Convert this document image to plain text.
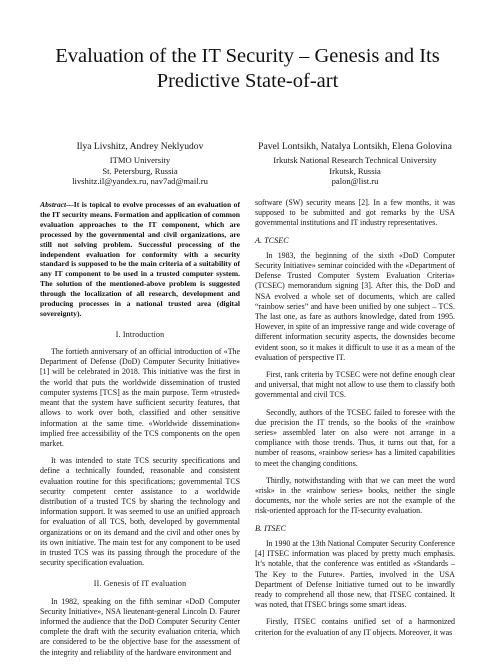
Evaluation of the IT Security – Genesis and Its Predictive State-of-art
Ilya Livshitz, Andrey Neklyudov
ITMO University
St. Petersburg, Russia
livshitz.il@yandex.ru, nav7ad@mail.ru
Pavel Lontsikh, Natalya Lontsikh, Elena Golovina
Irkutsk National Research Technical University
Irkutsk, Russia
palon@list.ru

Abstract—It is topical to evolve processes of an evaluation of the IT security means. Formation and application of common evaluation approaches to the IT component, which are processed by the governmental and civil organizations, are still not solving problem. Successful processing of the independent evaluation for conformity with a security standard is supposed to be the main criteria of a suitability of any IT component to be used in a trusted computer system. The solution of the mentioned-above problem is suggested through the localization of all research, development and producing processes in a national trusted area (digital sovereignty).

I. Introduction

The fortieth anniversary of an official introduction of «The Department of Defense (DoD) Computer Security Initiative» [1] will be celebrated in 2018. This initiative was the first in the world that puts the worldwide dissemination of trusted computer systems [TCS] as the main purpose. Term «trusted» meant that the system have sufficient security features, that allows to work over both, classified and other sensitive information at the same time. «Worldwide dissemination» implied free accessibility of the TCS components on the open market.

It was intended to state TCS security specifications and define a technically founded, reasonable and consistent evaluation routine for this specifications; governmental TCS security competent center assistance to a worldwide distribution of a trusted TCS by sharing the technology and information support. It was seemed to use an unified approach for evaluation of all TCS, both, developed by governmental organizations or on its demand and the civil and other ones by its own initiative. The main test for any component to be used in trusted TCS was its passing through the procedure of the security specification evaluation.

II. Genesis of IT evaluation

In 1982, speaking on the fifth seminar «DoD Computer Security Initiative», NSA lieutenant-general Lincoln D. Faurer informed the audience that the DoD Computer Security Center complete the draft with the security evaluation criteria, which are considered to be the objective base for the assessment of the integrity and reliability of the hardware environment and

software (SW) security means [2]. In a few months, it was supposed to be submitted and got remarks by the USA governmental institutions and IT industry representatives.

A. TCSEC

In 1983, the beginning of the sixth «DoD Computer Security Initiative» seminar coincided with the «Department of Defense Trusted Computer System Evaluation Criteria» (TCSEC) memorandum signing [3]. After this, the DoD and NSA evolved a whole set of documents, which are called “rainbow series” and have been unified by one subject – TCS. The last one, as fare as authors knowledge, dated from 1995. However, in spite of an impressive range and wide coverage of different information security aspects, the downsides become evident soon, so it makes it difficult to use it as a mean of the evaluation of perspective IT.

First, rank criteria by TCSEC were not define enough clear and universal, that might not allow to use them to classify both governmental and civil TCS.

Secondly, authors of the TCSEC failed to foresee with the due precision the IT trends, so the books of the «rainbow series» assembled later on also were not arrange in a compliance with those trends. Thus, it turns out that, for a number of reasons, «rainbow series» has a limited capabilities to meet the changing conditions.

Thirdly, notwithstanding with that we can meet the word «risk» in the «rainbow series» books, neither the single documents, nor the whole series are not the example of the risk-oriented approach for the IT-security evaluation.

B. ITSEC

In 1990 at the 13th National Computer Security Conference [4] ITSEC information was placed by pretty much emphasis. It’s notable, that the conference was entitled as «Standards – The Key to the Future». Parties, involved in the USA Department of Defense Initiative turned out to be inwardly ready to comprehend all those new, that ITSEC contained. It was noted, that ITSEC brings some smart ideas.

Firstly, ITSEC contains unified set of a harmonized criterion for the evaluation of any IT objects. Moreover, it was
